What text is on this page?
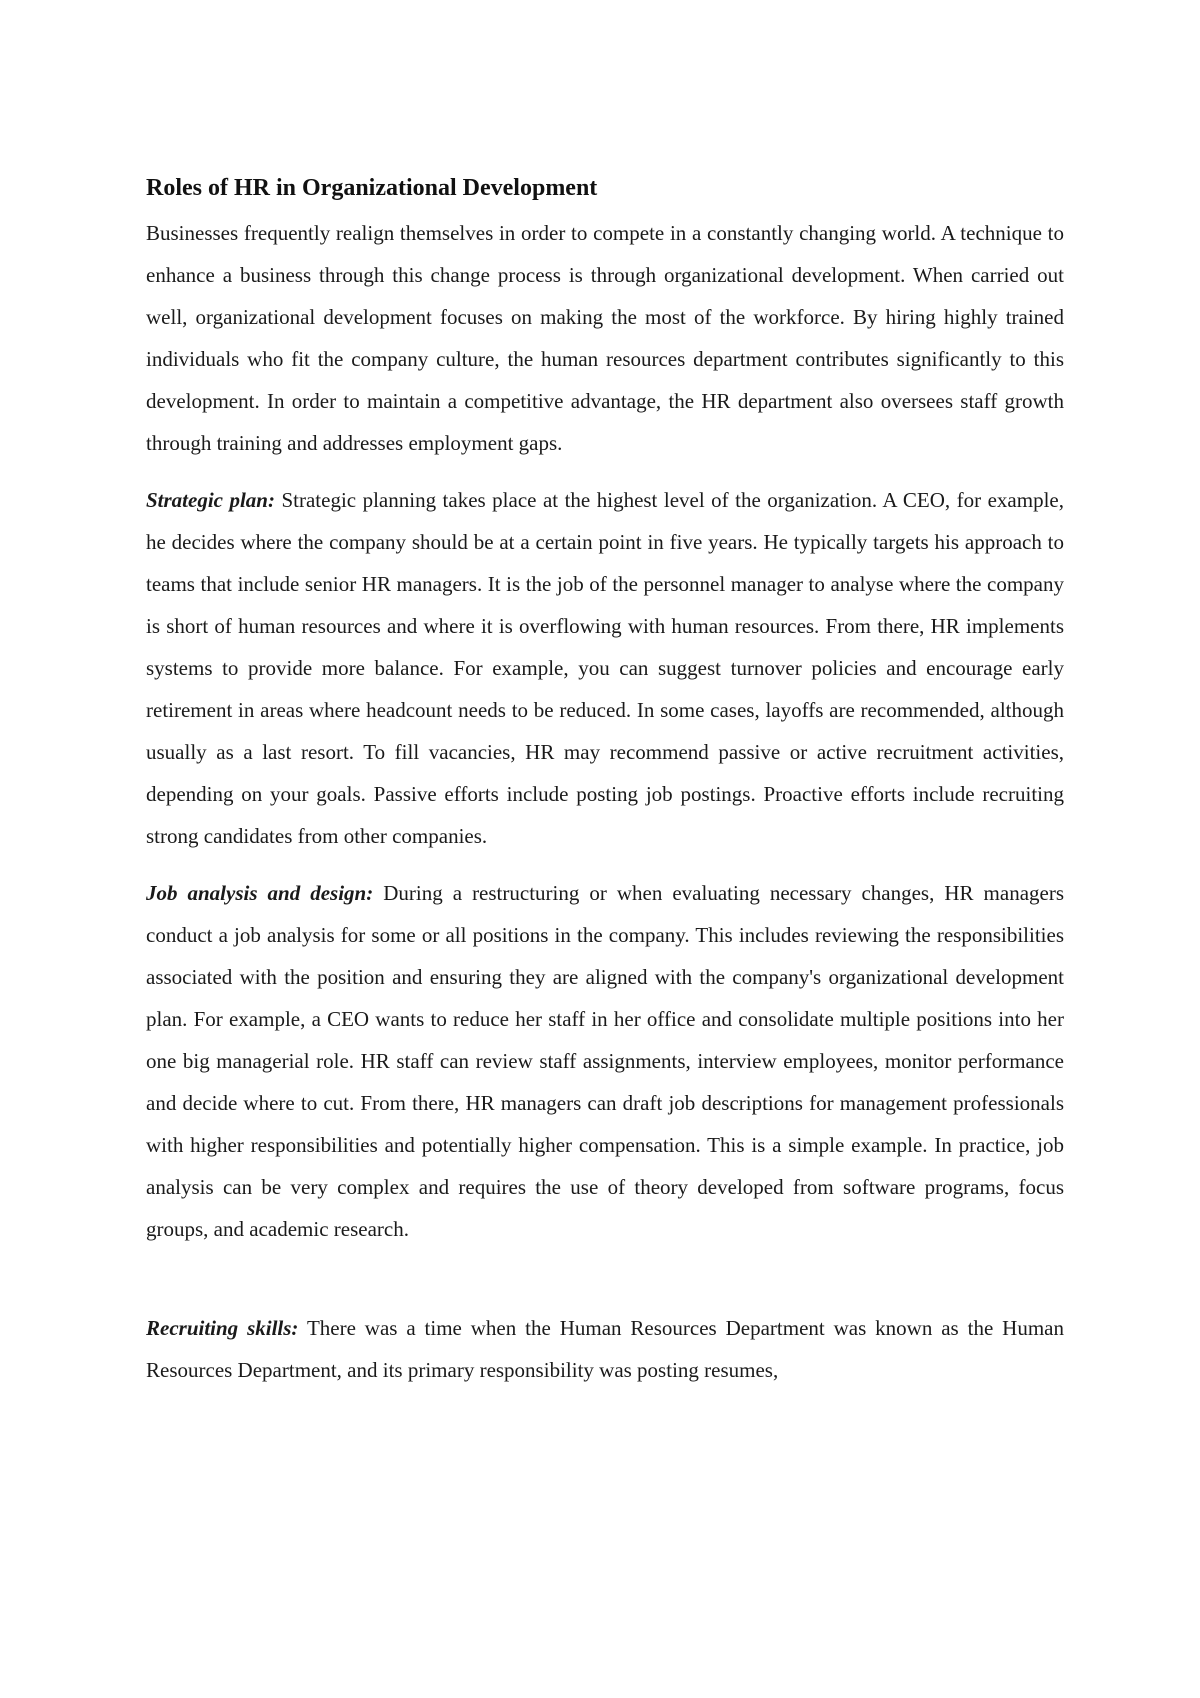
Roles of HR in Organizational Development

Businesses frequently realign themselves in order to compete in a constantly changing world. A technique to enhance a business through this change process is through organizational development. When carried out well, organizational development focuses on making the most of the workforce. By hiring highly trained individuals who fit the company culture, the human resources department contributes significantly to this development. In order to maintain a competitive advantage, the HR department also oversees staff growth through training and addresses employment gaps.

Strategic plan: Strategic planning takes place at the highest level of the organization. A CEO, for example, he decides where the company should be at a certain point in five years. He typically targets his approach to teams that include senior HR managers. It is the job of the personnel manager to analyse where the company is short of human resources and where it is overflowing with human resources. From there, HR implements systems to provide more balance. For example, you can suggest turnover policies and encourage early retirement in areas where headcount needs to be reduced. In some cases, layoffs are recommended, although usually as a last resort. To fill vacancies, HR may recommend passive or active recruitment activities, depending on your goals. Passive efforts include posting job postings. Proactive efforts include recruiting strong candidates from other companies.

Job analysis and design: During a restructuring or when evaluating necessary changes, HR managers conduct a job analysis for some or all positions in the company. This includes reviewing the responsibilities associated with the position and ensuring they are aligned with the company's organizational development plan. For example, a CEO wants to reduce her staff in her office and consolidate multiple positions into her one big managerial role. HR staff can review staff assignments, interview employees, monitor performance and decide where to cut. From there, HR managers can draft job descriptions for management professionals with higher responsibilities and potentially higher compensation. This is a simple example. In practice, job analysis can be very complex and requires the use of theory developed from software programs, focus groups, and academic research.

Recruiting skills: There was a time when the Human Resources Department was known as the Human Resources Department, and its primary responsibility was posting resumes,
